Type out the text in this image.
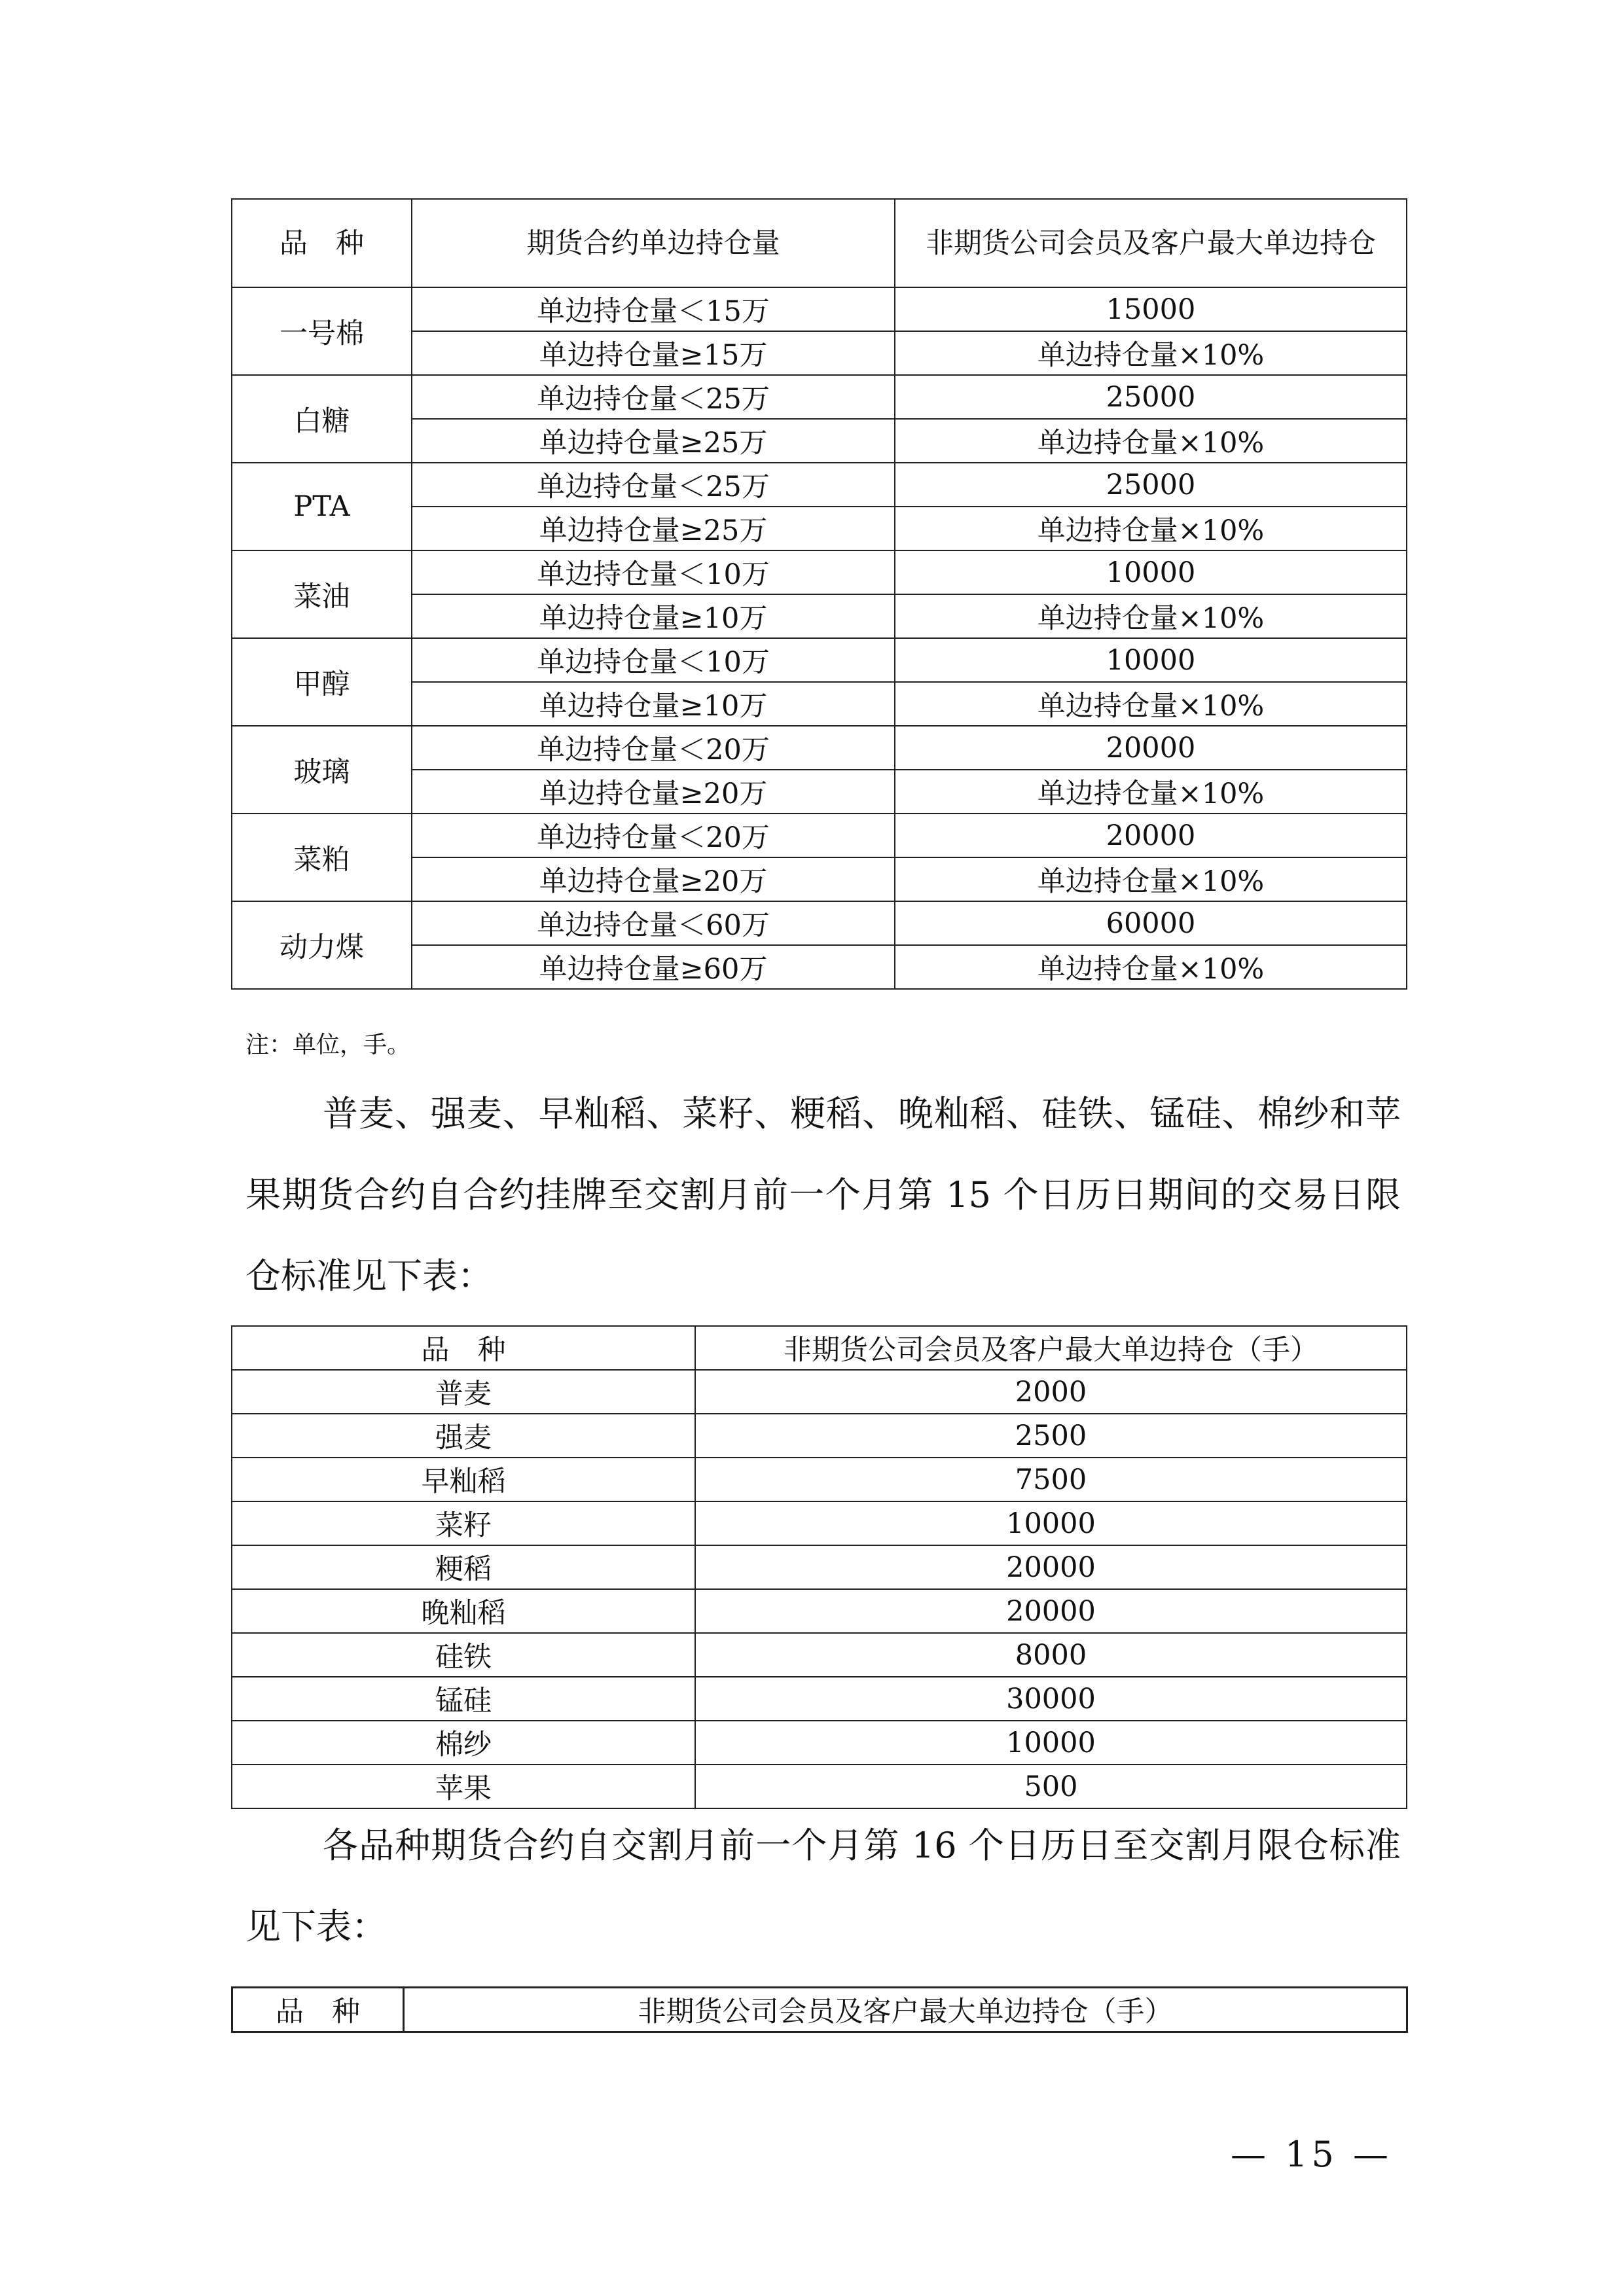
品　种	期货合约单边持仓量	非期货公司会员及客户最大单边持仓
一号棉	单边持仓量＜15万	15000
	单边持仓量≥15万	单边持仓量×10%
白糖	单边持仓量＜25万	25000
	单边持仓量≥25万	单边持仓量×10%
PTA	单边持仓量＜25万	25000
	单边持仓量≥25万	单边持仓量×10%
菜油	单边持仓量＜10万	10000
	单边持仓量≥10万	单边持仓量×10%
甲醇	单边持仓量＜10万	10000
	单边持仓量≥10万	单边持仓量×10%
玻璃	单边持仓量＜20万	20000
	单边持仓量≥20万	单边持仓量×10%
菜粕	单边持仓量＜20万	20000
	单边持仓量≥20万	单边持仓量×10%
动力煤	单边持仓量＜60万	60000
	单边持仓量≥60万	单边持仓量×10%
注：单位，手。
普麦、强麦、早籼稻、菜籽、粳稻、晚籼稻、硅铁、锰硅、棉纱和苹果期货合约自合约挂牌至交割月前一个月第 15 个日历日期间的交易日限仓标准见下表：
品　种	非期货公司会员及客户最大单边持仓（手）
普麦	2000
强麦	2500
早籼稻	7500
菜籽	10000
粳稻	20000
晚籼稻	20000
硅铁	8000
锰硅	30000
棉纱	10000
苹果	500
各品种期货合约自交割月前一个月第 16 个日历日至交割月限仓标准见下表：
品　种	非期货公司会员及客户最大单边持仓（手）
— 15 —
